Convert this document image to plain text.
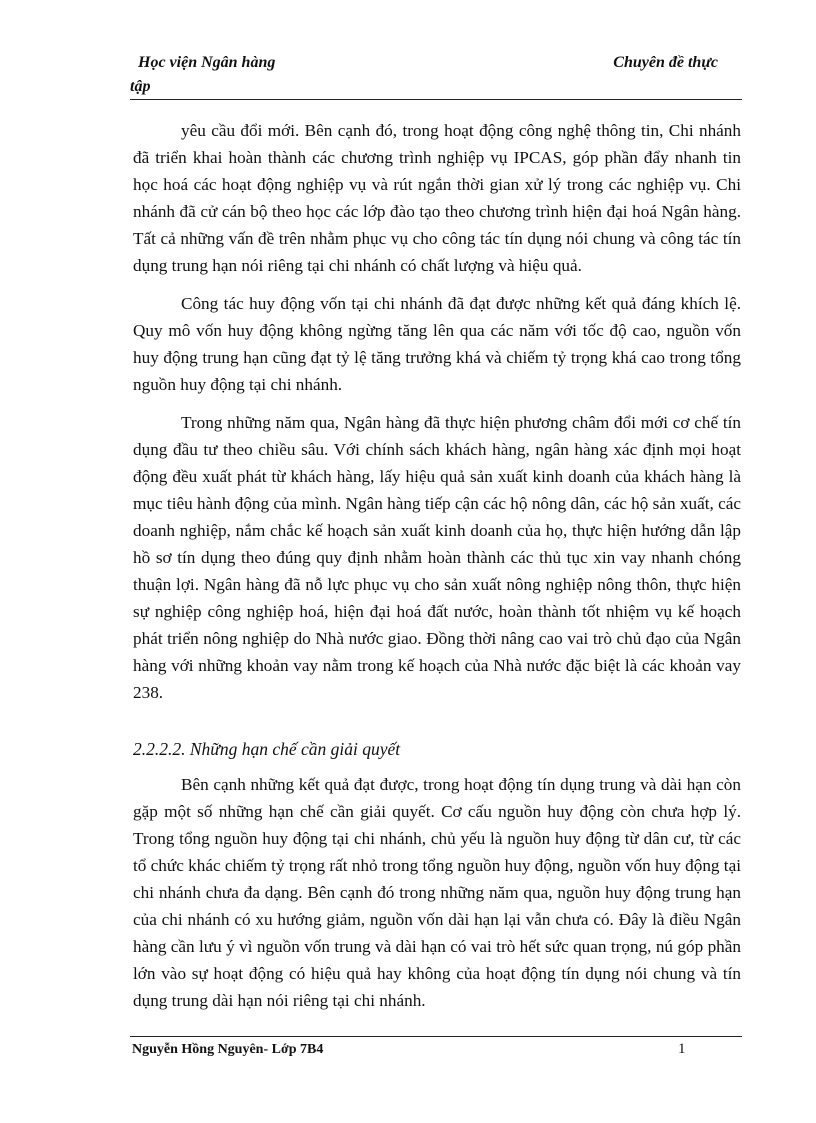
Học viện Ngân hàng
tập
Chuyên đề thực

yêu cầu đổi mới. Bên cạnh đó, trong hoạt động công nghệ thông tin, Chi nhánh đã triển khai hoàn thành các chương trình nghiệp vụ IPCAS, góp phần đẩy nhanh tin học hoá các hoạt động nghiệp vụ và rút ngắn thời gian xử lý trong các nghiệp vụ. Chi nhánh đã cử cán bộ theo học các lớp đào tạo theo chương trình hiện đại hoá Ngân hàng. Tất cả những vấn đề trên nhằm phục vụ cho công tác tín dụng nói chung và công tác tín dụng trung hạn nói riêng tại chi nhánh có chất lượng và hiệu quả.

Công tác huy động vốn tại chi nhánh đã đạt được những kết quả đáng khích lệ. Quy mô vốn huy động không ngừng tăng lên qua các năm với tốc độ cao, nguồn vốn huy động trung hạn cũng đạt tỷ lệ tăng trưởng khá và chiếm tỷ trọng khá cao trong tổng nguồn huy động tại chi nhánh.

Trong những năm qua, Ngân hàng đã thực hiện phương châm đổi mới cơ chế tín dụng đầu tư theo chiều sâu. Với chính sách khách hàng, ngân hàng xác định mọi hoạt động đều xuất phát từ khách hàng, lấy hiệu quả sản xuất kinh doanh của khách hàng là mục tiêu hành động của mình. Ngân hàng tiếp cận các hộ nông dân, các hộ sản xuất, các doanh nghiệp, nắm chắc kế hoạch sản xuất kinh doanh của họ, thực hiện hướng dẫn lập hồ sơ tín dụng theo đúng quy định nhằm hoàn thành các thủ tục xin vay nhanh chóng thuận lợi. Ngân hàng đã nỗ lực phục vụ cho sản xuất nông nghiệp nông thôn, thực hiện sự nghiệp công nghiệp hoá, hiện đại hoá đất nước, hoàn thành tốt nhiệm vụ kế hoạch phát triển nông nghiệp do Nhà nước giao. Đồng thời nâng cao vai trò chủ đạo của Ngân hàng với những khoản vay nằm trong kế hoạch của Nhà nước đặc biệt là các khoản vay 238.

2.2.2.2. Những hạn chế cần giải quyết

Bên cạnh những kết quả đạt được, trong hoạt động tín dụng trung và dài hạn còn gặp một số những hạn chế cần giải quyết. Cơ cấu nguồn huy động còn chưa hợp lý. Trong tổng nguồn huy động tại chi nhánh, chủ yếu là nguồn huy động từ dân cư, từ các tổ chức khác chiếm tỷ trọng rất nhỏ trong tổng nguồn huy động, nguồn vốn huy động tại chi nhánh chưa đa dạng. Bên cạnh đó trong những năm qua, nguồn huy động trung hạn của chi nhánh có xu hướng giảm, nguồn vốn dài hạn lại vẫn chưa có. Đây là điều Ngân hàng cần lưu ý vì nguồn vốn trung và dài hạn có vai trò hết sức quan trọng, nú góp phần lớn vào sự hoạt động có hiệu quả hay không của hoạt động tín dụng nói chung và tín dụng trung dài hạn nói riêng tại chi nhánh.

Nguyễn Hồng Nguyên- Lớp 7B4	1
